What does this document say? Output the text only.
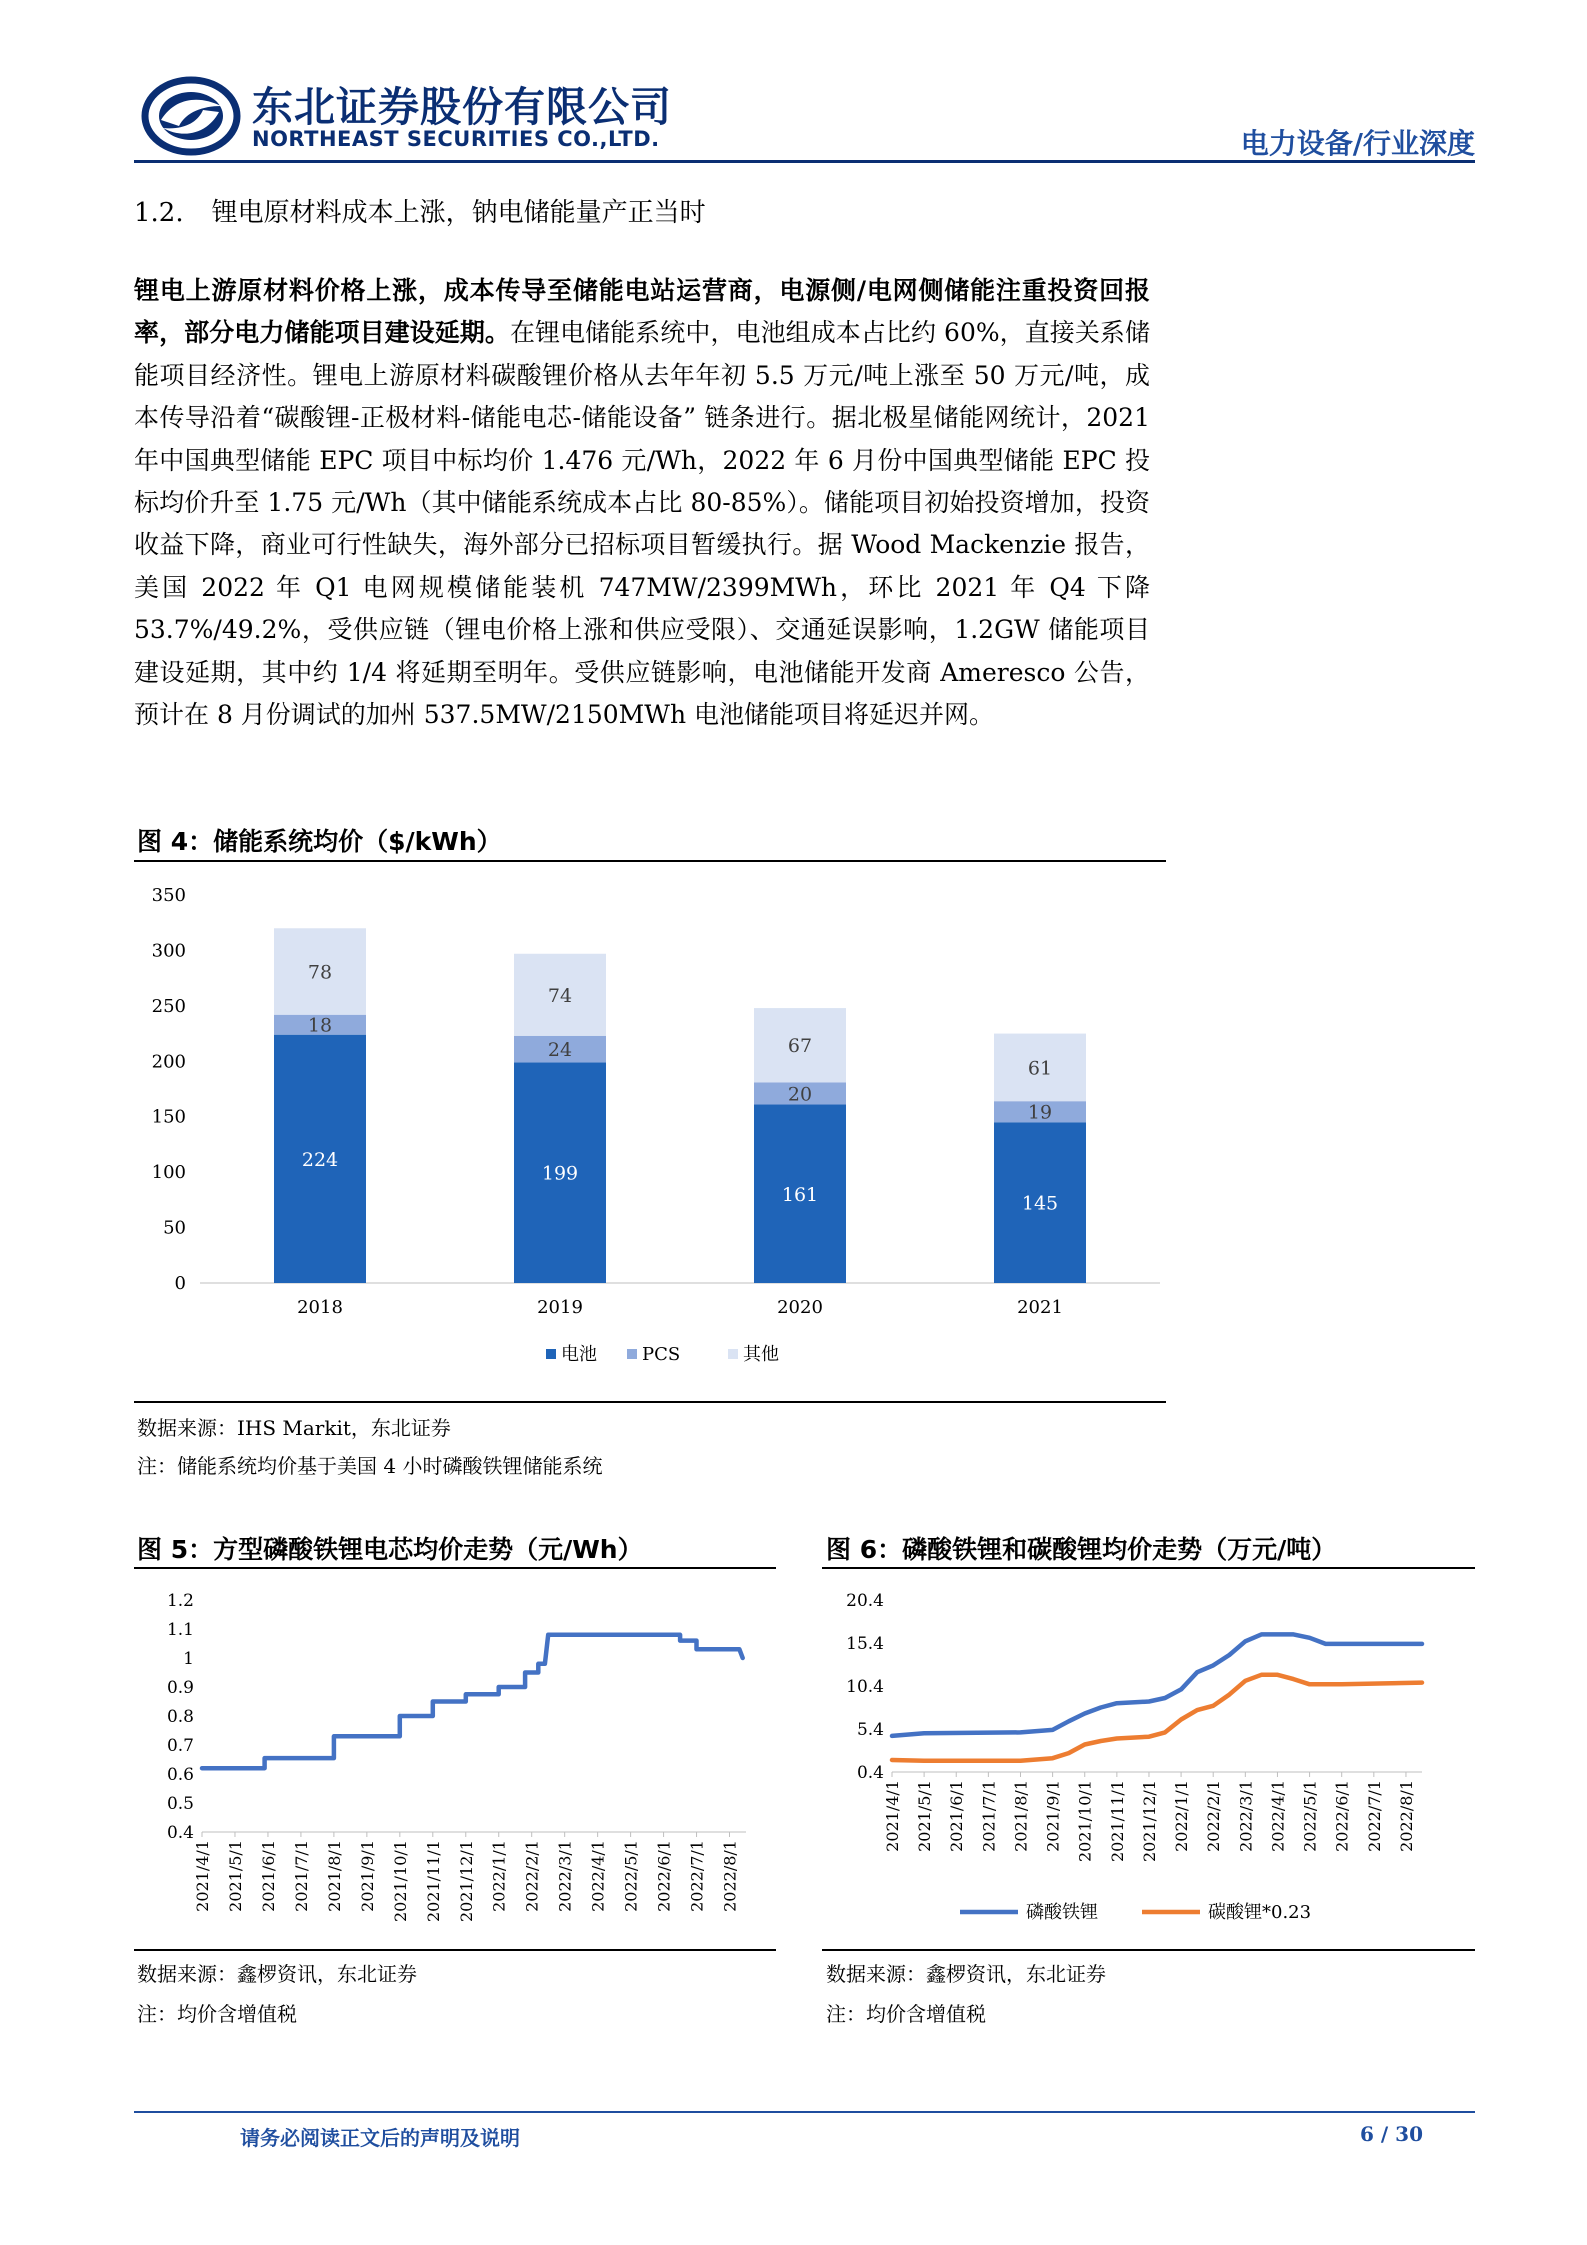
东北证券股份有限公司
NORTHEAST SECURITIES CO.,LTD.	电力设备/行业深度
1.2. 锂电原材料成本上涨，钠电储能量产正当时
锂电上游原材料价格上涨，成本传导至储能电站运营商，电源侧/电网侧储能注重投资回报率，部分电力储能项目建设延期。在锂电储能系统中，电池组成本占比约 60%，直接关系储能项目经济性。锂电上游原材料碳酸锂价格从去年年初 5.5 万元/吨上涨至 50 万元/吨，成本传导沿着“碳酸锂-正极材料-储能电芯-储能设备” 链条进行。据北极星储能网统计，2021 年中国典型储能 EPC 项目中标均价 1.476 元/Wh，2022 年 6 月份中国典型储能 EPC 投标均价升至 1.75 元/Wh（其中储能系统成本占比 80-85%）。储能项目初始投资增加，投资收益下降，商业可行性缺失，海外部分已招标项目暂缓执行。据 Wood Mackenzie 报告，美国 2022 年 Q1 电网规模储能装机 747MW/2399MWh，环比 2021 年 Q4 下降 53.7%/49.2%，受供应链（锂电价格上涨和供应受限）、交通延误影响，1.2GW 储能项目建设延期，其中约 1/4 将延期至明年。受供应链影响，电池储能开发商 Ameresco 公告，预计在 8 月份调试的加州 537.5MW/2150MWh 电池储能项目将延迟并网。
图 4：储能系统均价（$/kWh）
0
50
100
150
200
250
300
350
224
18
78
2018
199
24
74
2019
161
20
67
2020
145
19
61
2021
电池	PCS	其他
数据来源：IHS Markit，东北证券
注：储能系统均价基于美国 4 小时磷酸铁锂储能系统
图 5：方型磷酸铁锂电芯均价走势（元/Wh）
0.4
0.5
0.6
0.7
0.8
0.9
1
1.1
1.2
2021/4/1 2021/5/1 2021/6/1 2021/7/1 2021/8/1 2021/9/1 2021/10/1 2021/11/1 2021/12/1 2022/1/1 2022/2/1 2022/3/1 2022/4/1 2022/5/1 2022/6/1 2022/7/1 2022/8/1
数据来源：鑫椤资讯，东北证券
注：均价含增值税
图 6：磷酸铁锂和碳酸锂均价走势（万元/吨）
0.4
5.4
10.4
15.4
20.4
2021/4/1 2021/5/1 2021/6/1 2021/7/1 2021/8/1 2021/9/1 2021/10/1 2021/11/1 2021/12/1 2022/1/1 2022/2/1 2022/3/1 2022/4/1 2022/5/1 2022/6/1 2022/7/1 2022/8/1
磷酸铁锂	碳酸锂*0.23
数据来源：鑫椤资讯，东北证券
注：均价含增值税
请务必阅读正文后的声明及说明	6 / 30
